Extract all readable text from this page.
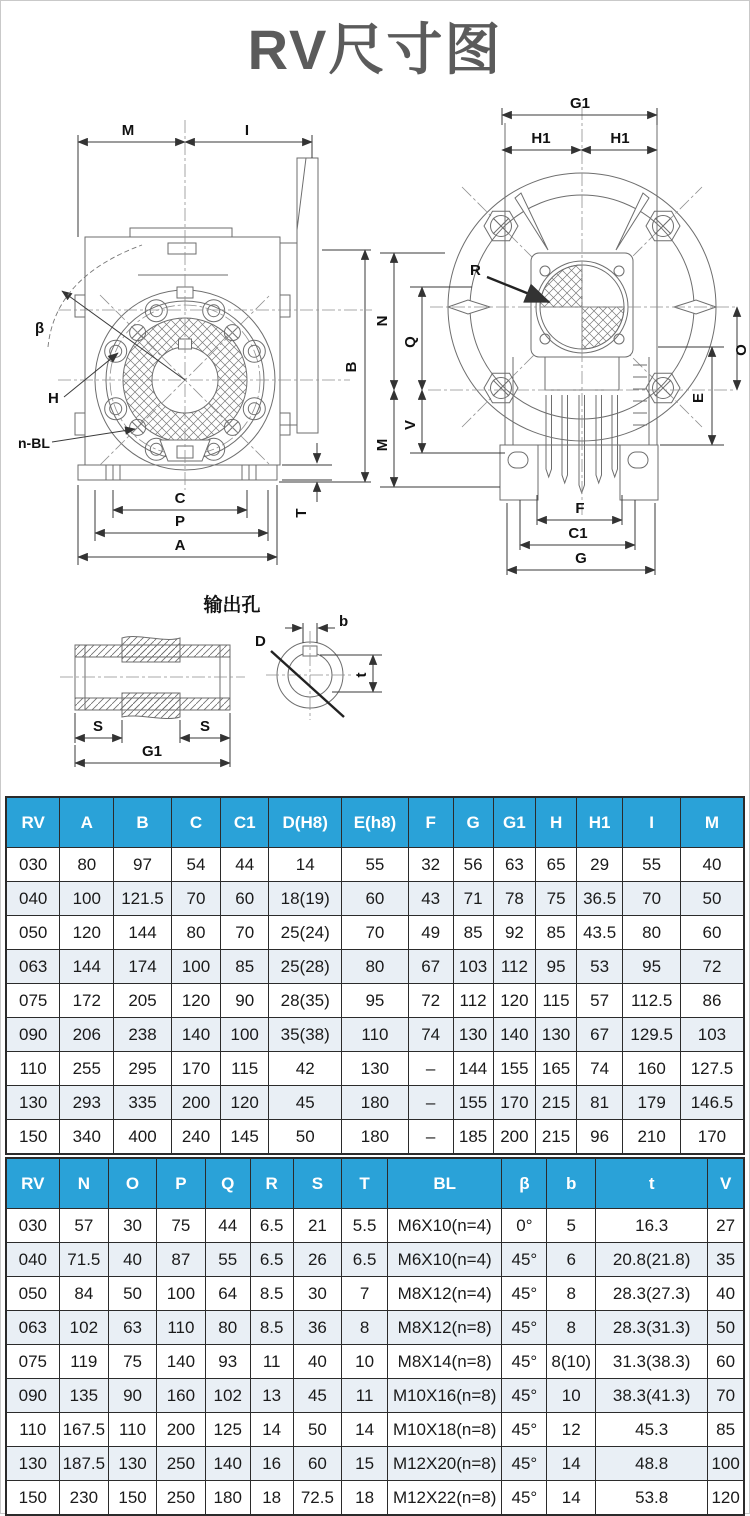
RV尺寸图
M	I
B
T
C
P
A
β
H
n-BL
G1
H1	H1
N
Q
M
V
O
E
F
C1
G
R
输出孔
S	S
G1
b
D
t
RV	A	B	C	C1	D(H8)	E(h8)	F	G	G1	H	H1	I	M
030	80	97	54	44	14	55	32	56	63	65	29	55	40
040	100	121.5	70	60	18(19)	60	43	71	78	75	36.5	70	50
050	120	144	80	70	25(24)	70	49	85	92	85	43.5	80	60
063	144	174	100	85	25(28)	80	67	103	112	95	53	95	72
075	172	205	120	90	28(35)	95	72	112	120	115	57	112.5	86
090	206	238	140	100	35(38)	110	74	130	140	130	67	129.5	103
110	255	295	170	115	42	130	–	144	155	165	74	160	127.5
130	293	335	200	120	45	180	–	155	170	215	81	179	146.5
150	340	400	240	145	50	180	–	185	200	215	96	210	170
RV	N	O	P	Q	R	S	T	BL	β	b	t	V
030	57	30	75	44	6.5	21	5.5	M6X10(n=4)	0°	5	16.3	27
040	71.5	40	87	55	6.5	26	6.5	M6X10(n=4)	45°	6	20.8(21.8)	35
050	84	50	100	64	8.5	30	7	M8X12(n=4)	45°	8	28.3(27.3)	40
063	102	63	110	80	8.5	36	8	M8X12(n=8)	45°	8	28.3(31.3)	50
075	119	75	140	93	11	40	10	M8X14(n=8)	45°	8(10)	31.3(38.3)	60
090	135	90	160	102	13	45	11	M10X16(n=8)	45°	10	38.3(41.3)	70
110	167.5	110	200	125	14	50	14	M10X18(n=8)	45°	12	45.3	85
130	187.5	130	250	140	16	60	15	M12X20(n=8)	45°	14	48.8	100
150	230	150	250	180	18	72.5	18	M12X22(n=8)	45°	14	53.8	120
